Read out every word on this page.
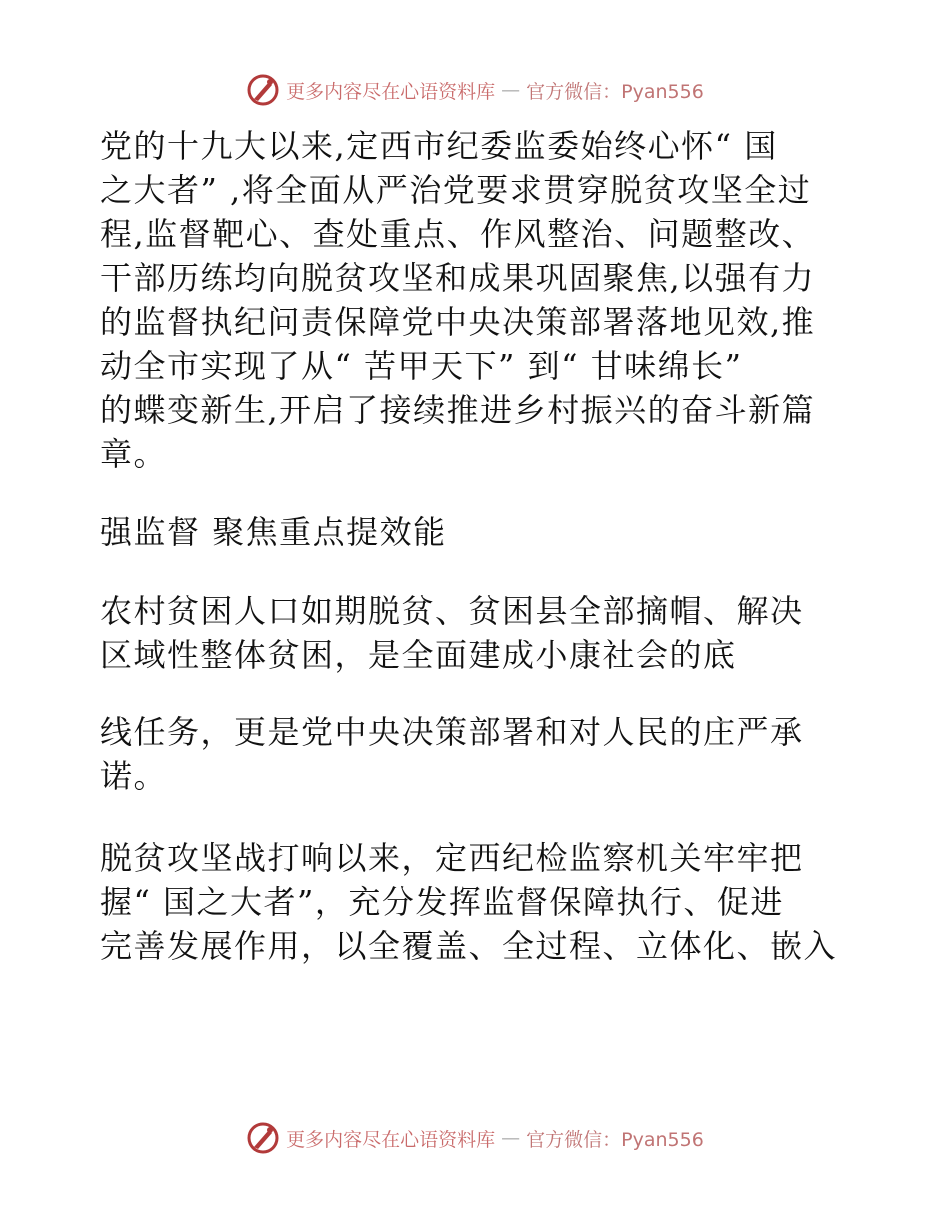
更多内容尽在心语资料库 — 官方微信：Pyan556

党的十九大以来,定西市纪委监委始终心怀“ 国
之大者” ,将全面从严治党要求贯穿脱贫攻坚全过
程,监督靶心、查处重点、作风整治、问题整改、
干部历练均向脱贫攻坚和成果巩固聚焦,以强有力
的监督执纪问责保障党中央决策部署落地见效,推
动全市实现了从“ 苦甲天下” 到“ 甘味绵长”
的蝶变新生,开启了接续推进乡村振兴的奋斗新篇
章。

强监督 聚焦重点提效能

农村贫困人口如期脱贫、贫困县全部摘帽、解决
区域性整体贫困，是全面建成小康社会的底

线任务，更是党中央决策部署和对人民的庄严承
诺。

脱贫攻坚战打响以来，定西纪检监察机关牢牢把
握“ 国之大者”，充分发挥监督保障执行、促进
完善发展作用，以全覆盖、全过程、立体化、嵌入

更多内容尽在心语资料库 — 官方微信：Pyan556
